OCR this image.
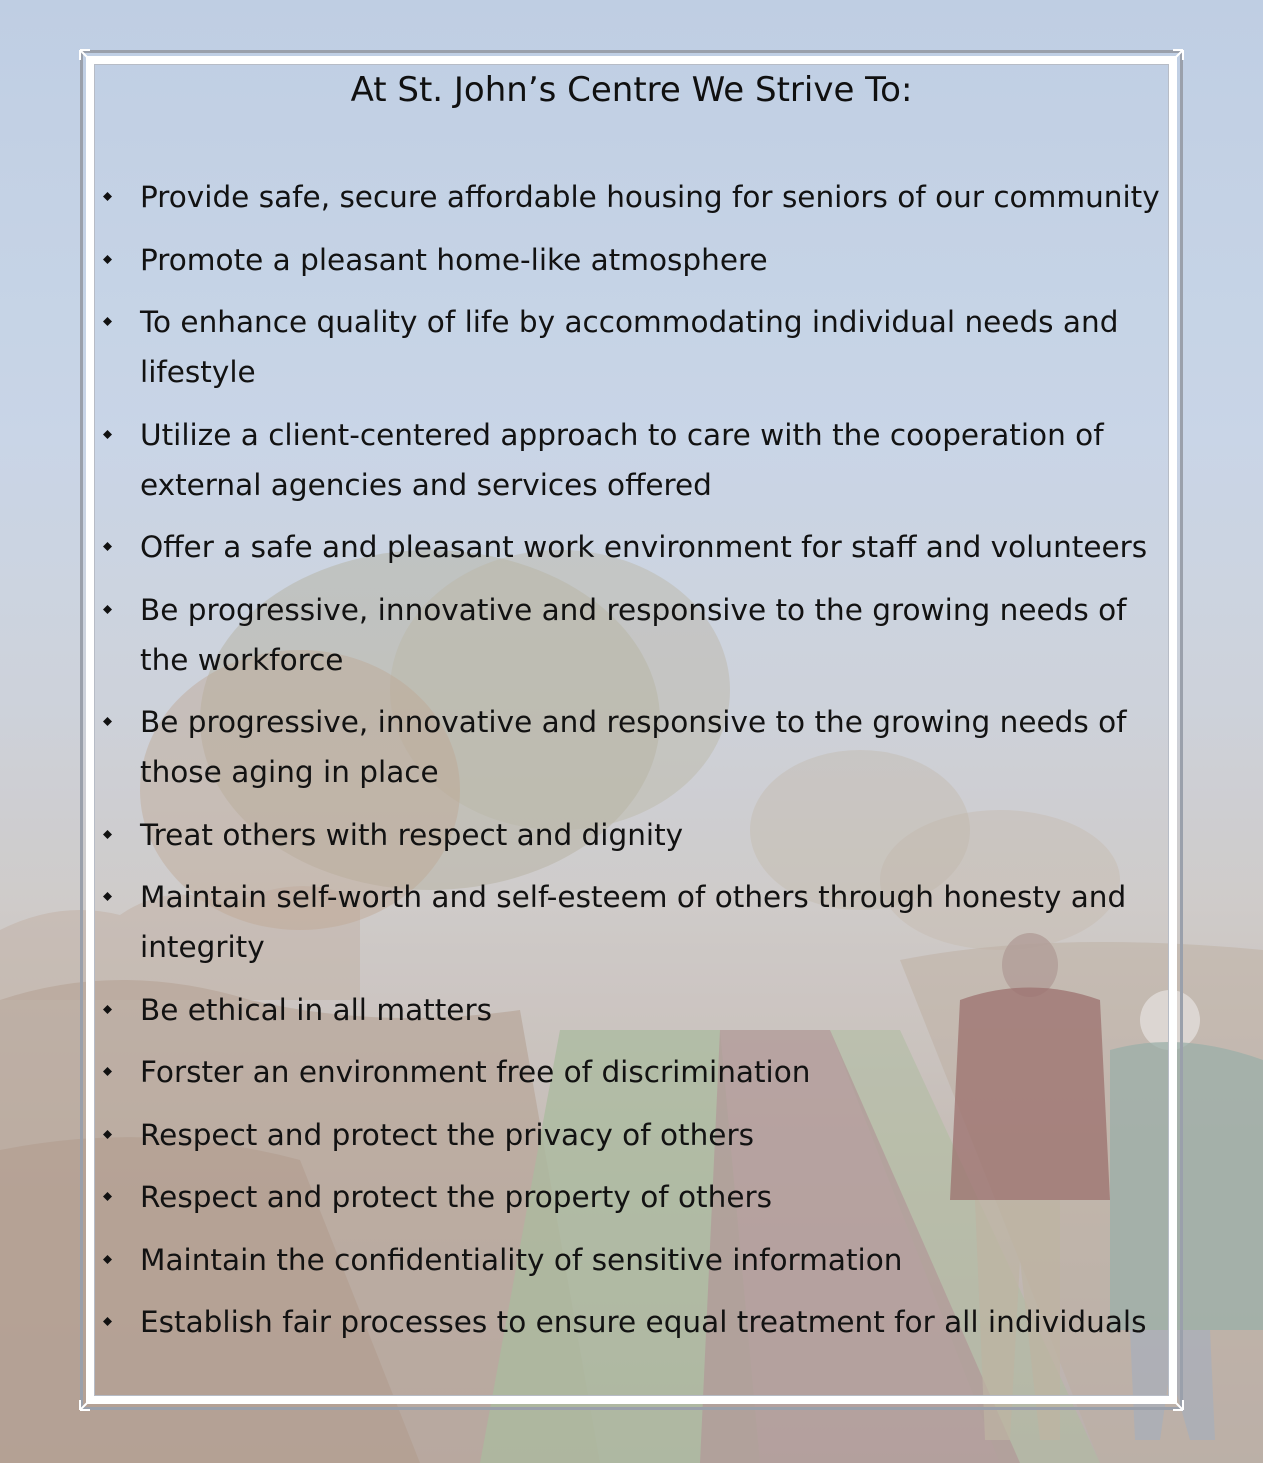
At St. John’s Centre We Strive To:
Provide safe, secure affordable housing for seniors of our community
Promote a pleasant home-like atmosphere
To enhance quality of life by accommodating individual needs and lifestyle
Utilize a client-centered approach to care with the cooperation of external agencies and services offered
Offer a safe and pleasant work environment for staff and volunteers
Be progressive, innovative and responsive to the growing needs of the workforce
Be progressive, innovative and responsive to the growing needs of those aging in place
Treat others with respect and dignity
Maintain self-worth and self-esteem of others through honesty and integrity
Be ethical in all matters
Forster an environment free of discrimination
Respect and protect the privacy of others
Respect and protect the property of others
Maintain the confidentiality of sensitive information
Establish fair processes to ensure equal treatment for all individuals
